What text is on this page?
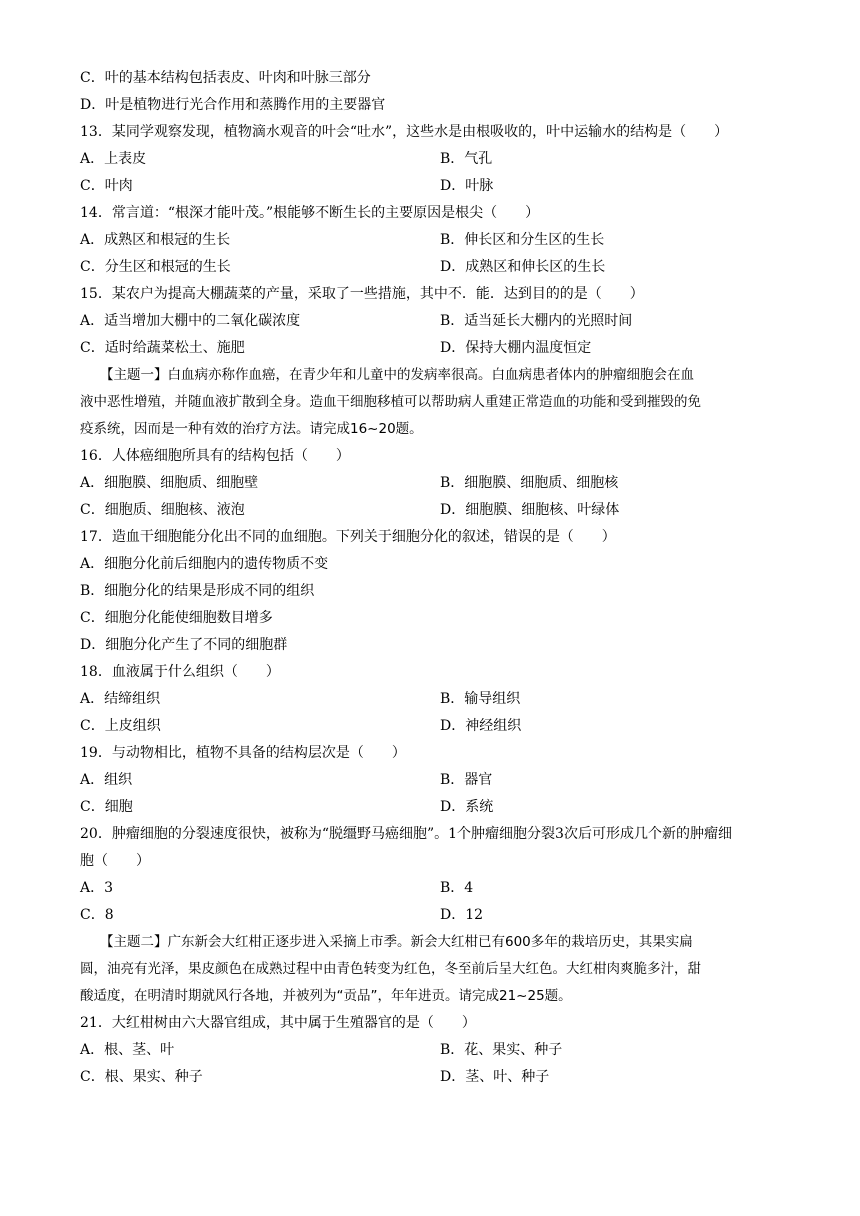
C．叶的基本结构包括表皮、叶肉和叶脉三部分
D．叶是植物进行光合作用和蒸腾作用的主要器官
13．某同学观察发现，植物滴水观音的叶会“吐水”，这些水是由根吸收的，叶中运输水的结构是（　　）
A．上表皮	B．气孔
C．叶肉	D．叶脉
14．常言道：“根深才能叶茂。”根能够不断生长的主要原因是根尖（　　）
A．成熟区和根冠的生长	B．伸长区和分生区的生长
C．分生区和根冠的生长	D．成熟区和伸长区的生长
15．某农户为提高大棚蔬菜的产量，采取了一些措施，其中不．能．达到目的的是（　　）
A．适当增加大棚中的二氧化碳浓度	B．适当延长大棚内的光照时间
C．适时给蔬菜松土、施肥	D．保持大棚内温度恒定
【主题一】白血病亦称作血癌，在青少年和儿童中的发病率很高。白血病患者体内的肿瘤细胞会在血
液中恶性增殖，并随血液扩散到全身。造血干细胞移植可以帮助病人重建正常造血的功能和受到摧毁的免
疫系统，因而是一种有效的治疗方法。请完成16~20题。
16．人体癌细胞所具有的结构包括（　　）
A．细胞膜、细胞质、细胞壁	B．细胞膜、细胞质、细胞核
C．细胞质、细胞核、液泡	D．细胞膜、细胞核、叶绿体
17．造血干细胞能分化出不同的血细胞。下列关于细胞分化的叙述，错误的是（　　）
A．细胞分化前后细胞内的遗传物质不变
B．细胞分化的结果是形成不同的组织
C．细胞分化能使细胞数目增多
D．细胞分化产生了不同的细胞群
18．血液属于什么组织（　　）
A．结缔组织	B．输导组织
C．上皮组织	D．神经组织
19．与动物相比，植物不具备的结构层次是（　　）
A．组织	B．器官
C．细胞	D．系统
20．肿瘤细胞的分裂速度很快，被称为“脱缰野马癌细胞”。1个肿瘤细胞分裂3次后可形成几个新的肿瘤细
胞（　　）
A．3	B．4
C．8	D．12
【主题二】广东新会大红柑正逐步进入采摘上市季。新会大红柑已有600多年的栽培历史，其果实扁
圆，油亮有光泽，果皮颜色在成熟过程中由青色转变为红色，冬至前后呈大红色。大红柑肉爽脆多汁，甜
酸适度，在明清时期就风行各地，并被列为“贡品”，年年进贡。请完成21~25题。
21．大红柑树由六大器官组成，其中属于生殖器官的是（　　）
A．根、茎、叶	B．花、果实、种子
C．根、果实、种子	D．茎、叶、种子
